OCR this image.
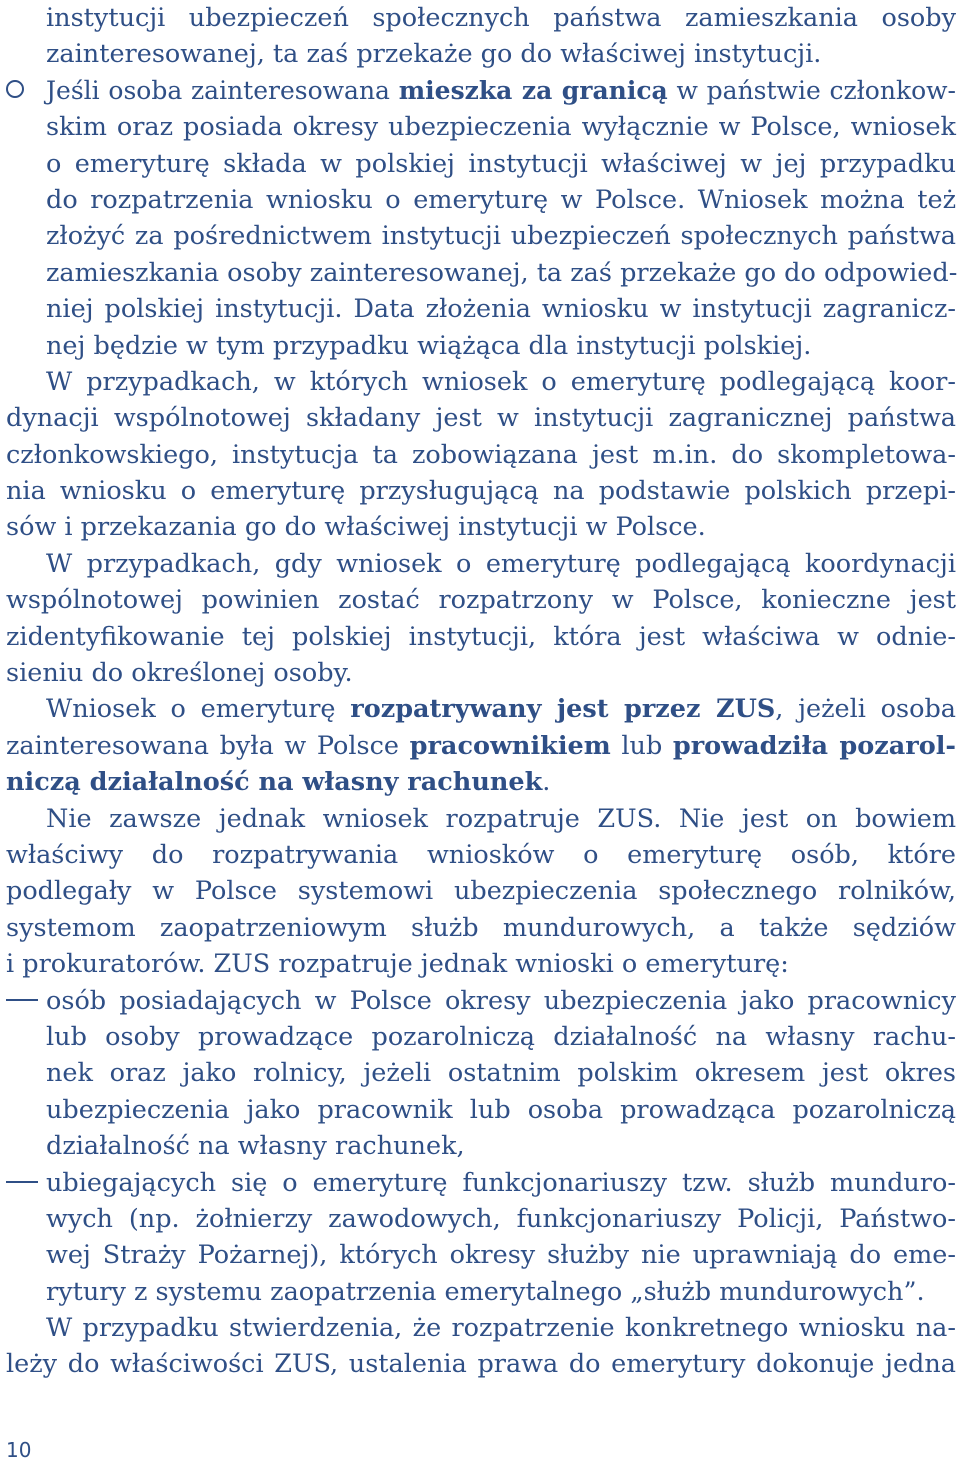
instytucji ubezpieczeń społecznych państwa zamieszkania osoby
zainteresowanej, ta zaś przekaże go do właściwej instytucji.
Jeśli osoba zainteresowana mieszka za granicą w państwie członkow-
skim oraz posiada okresy ubezpieczenia wyłącznie w Polsce, wniosek
o emeryturę składa w polskiej instytucji właściwej w jej przypadku
do rozpatrzenia wniosku o emeryturę w Polsce. Wniosek można też
złożyć za pośrednictwem instytucji ubezpieczeń społecznych państwa
zamieszkania osoby zainteresowanej, ta zaś przekaże go do odpowied-
niej polskiej instytucji. Data złożenia wniosku w instytucji zagranicz-
nej będzie w tym przypadku wiążąca dla instytucji polskiej.
W przypadkach, w których wniosek o emeryturę podlegającą koor-
dynacji wspólnotowej składany jest w instytucji zagranicznej państwa
członkowskiego, instytucja ta zobowiązana jest m.in. do skompletowa-
nia wniosku o emeryturę przysługującą na podstawie polskich przepi-
sów i przekazania go do właściwej instytucji w Polsce.
W przypadkach, gdy wniosek o emeryturę podlegającą koordynacji
wspólnotowej powinien zostać rozpatrzony w Polsce, konieczne jest
zidentyfikowanie tej polskiej instytucji, która jest właściwa w odnie-
sieniu do określonej osoby.
Wniosek o emeryturę rozpatrywany jest przez ZUS, jeżeli osoba
zainteresowana była w Polsce pracownikiem lub prowadziła pozarol-
niczą działalność na własny rachunek.
Nie zawsze jednak wniosek rozpatruje ZUS. Nie jest on bowiem
właściwy do rozpatrywania wniosków o emeryturę osób, które
podlegały w Polsce systemowi ubezpieczenia społecznego rolników,
systemom zaopatrzeniowym służb mundurowych, a także sędziów
i prokuratorów. ZUS rozpatruje jednak wnioski o emeryturę:
osób posiadających w Polsce okresy ubezpieczenia jako pracownicy
lub osoby prowadzące pozarolniczą działalność na własny rachu-
nek oraz jako rolnicy, jeżeli ostatnim polskim okresem jest okres
ubezpieczenia jako pracownik lub osoba prowadząca pozarolniczą
działalność na własny rachunek,
ubiegających się o emeryturę funkcjonariuszy tzw. służb munduro-
wych (np. żołnierzy zawodowych, funkcjonariuszy Policji, Państwo-
wej Straży Pożarnej), których okresy służby nie uprawniają do eme-
rytury z systemu zaopatrzenia emerytalnego „służb mundurowych”.
W przypadku stwierdzenia, że rozpatrzenie konkretnego wniosku na-
leży do właściwości ZUS, ustalenia prawa do emerytury dokonuje jedna
10
